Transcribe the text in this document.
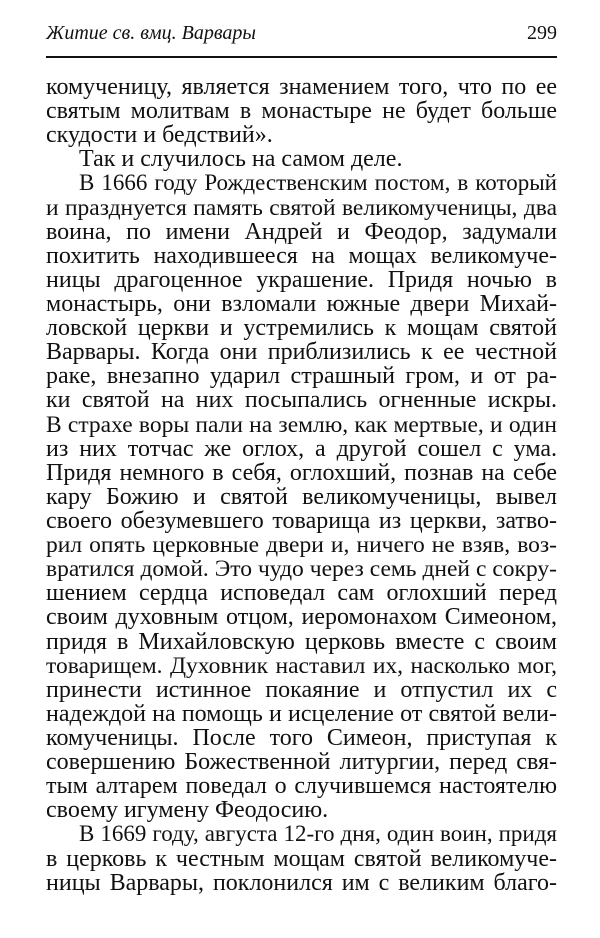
Житие св. вмц. Варвары	299
комученицу, является знамением того, что по ее
святым молитвам в монастыре не будет больше
скудости и бедствий».
Так и случилось на самом деле.
В 1666 году Рождественским постом, в который
и празднуется память святой великомученицы, два
воина, по имени Андрей и Феодор, задумали
похитить находившееся на мощах великомуче-
ницы драгоценное украшение. Придя ночью в
монастырь, они взломали южные двери Михай-
ловской церкви и устремились к мощам святой
Варвары. Когда они приблизились к ее честной
раке, внезапно ударил страшный гром, и от ра-
ки святой на них посыпались огненные искры.
В страхе воры пали на землю, как мертвые, и один
из них тотчас же оглох, а другой сошел с ума.
Придя немного в себя, оглохший, познав на себе
кару Божию и святой великомученицы, вывел
своего обезумевшего товарища из церкви, затво-
рил опять церковные двери и, ничего не взяв, воз-
вратился домой. Это чудо через семь дней с сокру-
шением сердца исповедал сам оглохший перед
своим духовным отцом, иеромонахом Симеоном,
придя в Михайловскую церковь вместе с своим
товарищем. Духовник наставил их, насколько мог,
принести истинное покаяние и отпустил их с
надеждой на помощь и исцеление от святой вели-
комученицы. После того Симеон, приступая к
совершению Божественной литургии, перед свя-
тым алтарем поведал о случившемся настоятелю
своему игумену Феодосию.
В 1669 году, августа 12-го дня, один воин, придя
в церковь к честным мощам святой великомуче-
ницы Варвары, поклонился им с великим благо-
